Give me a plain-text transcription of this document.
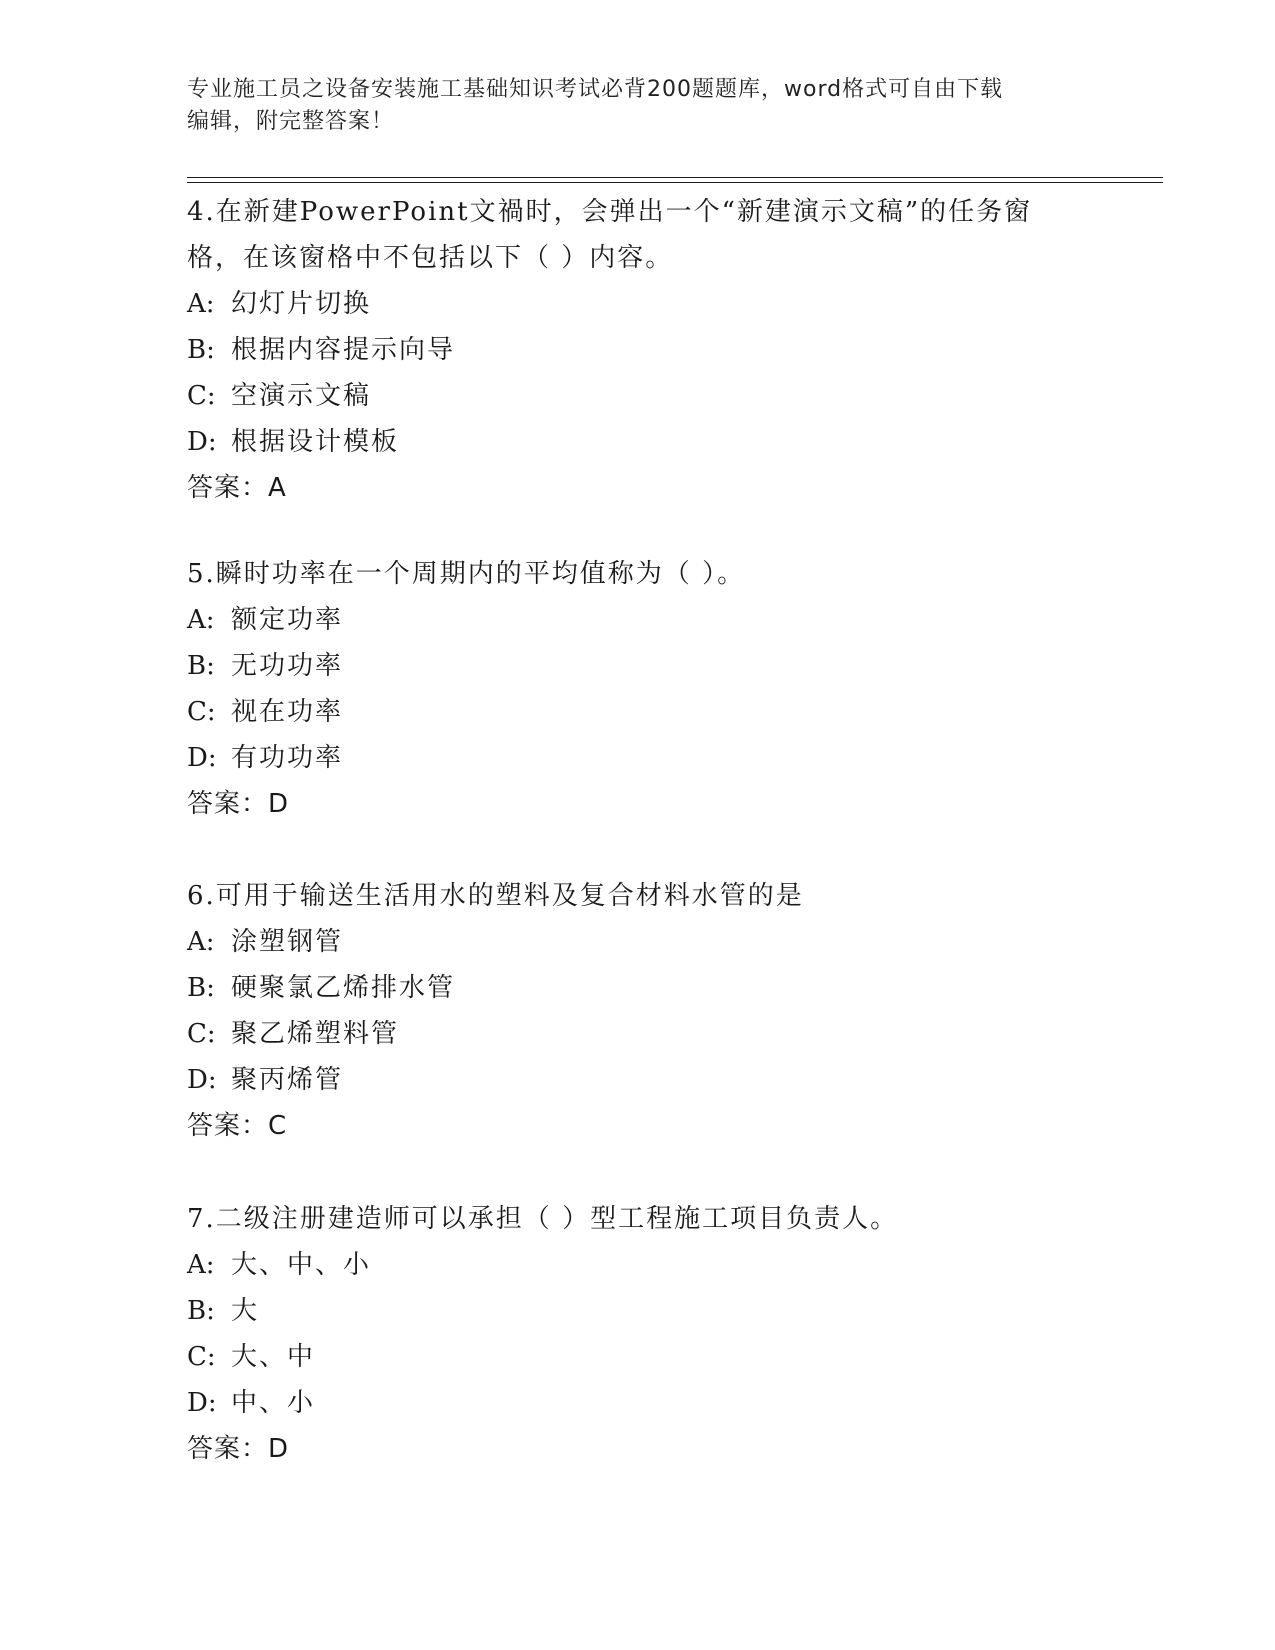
专业施工员之设备安装施工基础知识考试必背200题题库，word格式可自由下载
编辑，附完整答案！
4.在新建PowerPoint文禍时，会弹出一个“新建演示文稿”的任务窗
格，在该窗格中不包括以下（ ）内容。
A: 幻灯片切换
B: 根据内容提示向导
C: 空演示文稿
D: 根据设计模板
答案：A
5.瞬时功率在一个周期内的平均值称为（ ）。
A: 额定功率
B: 无功功率
C: 视在功率
D: 有功功率
答案：D
6.可用于输送生活用水的塑料及复合材料水管的是
A: 涂塑钢管
B: 硬聚氯乙烯排水管
C: 聚乙烯塑料管
D: 聚丙烯管
答案：C
7.二级注册建造师可以承担（ ）型工程施工项目负责人。
A: 大、中、小
B: 大
C: 大、中
D: 中、小
答案：D
